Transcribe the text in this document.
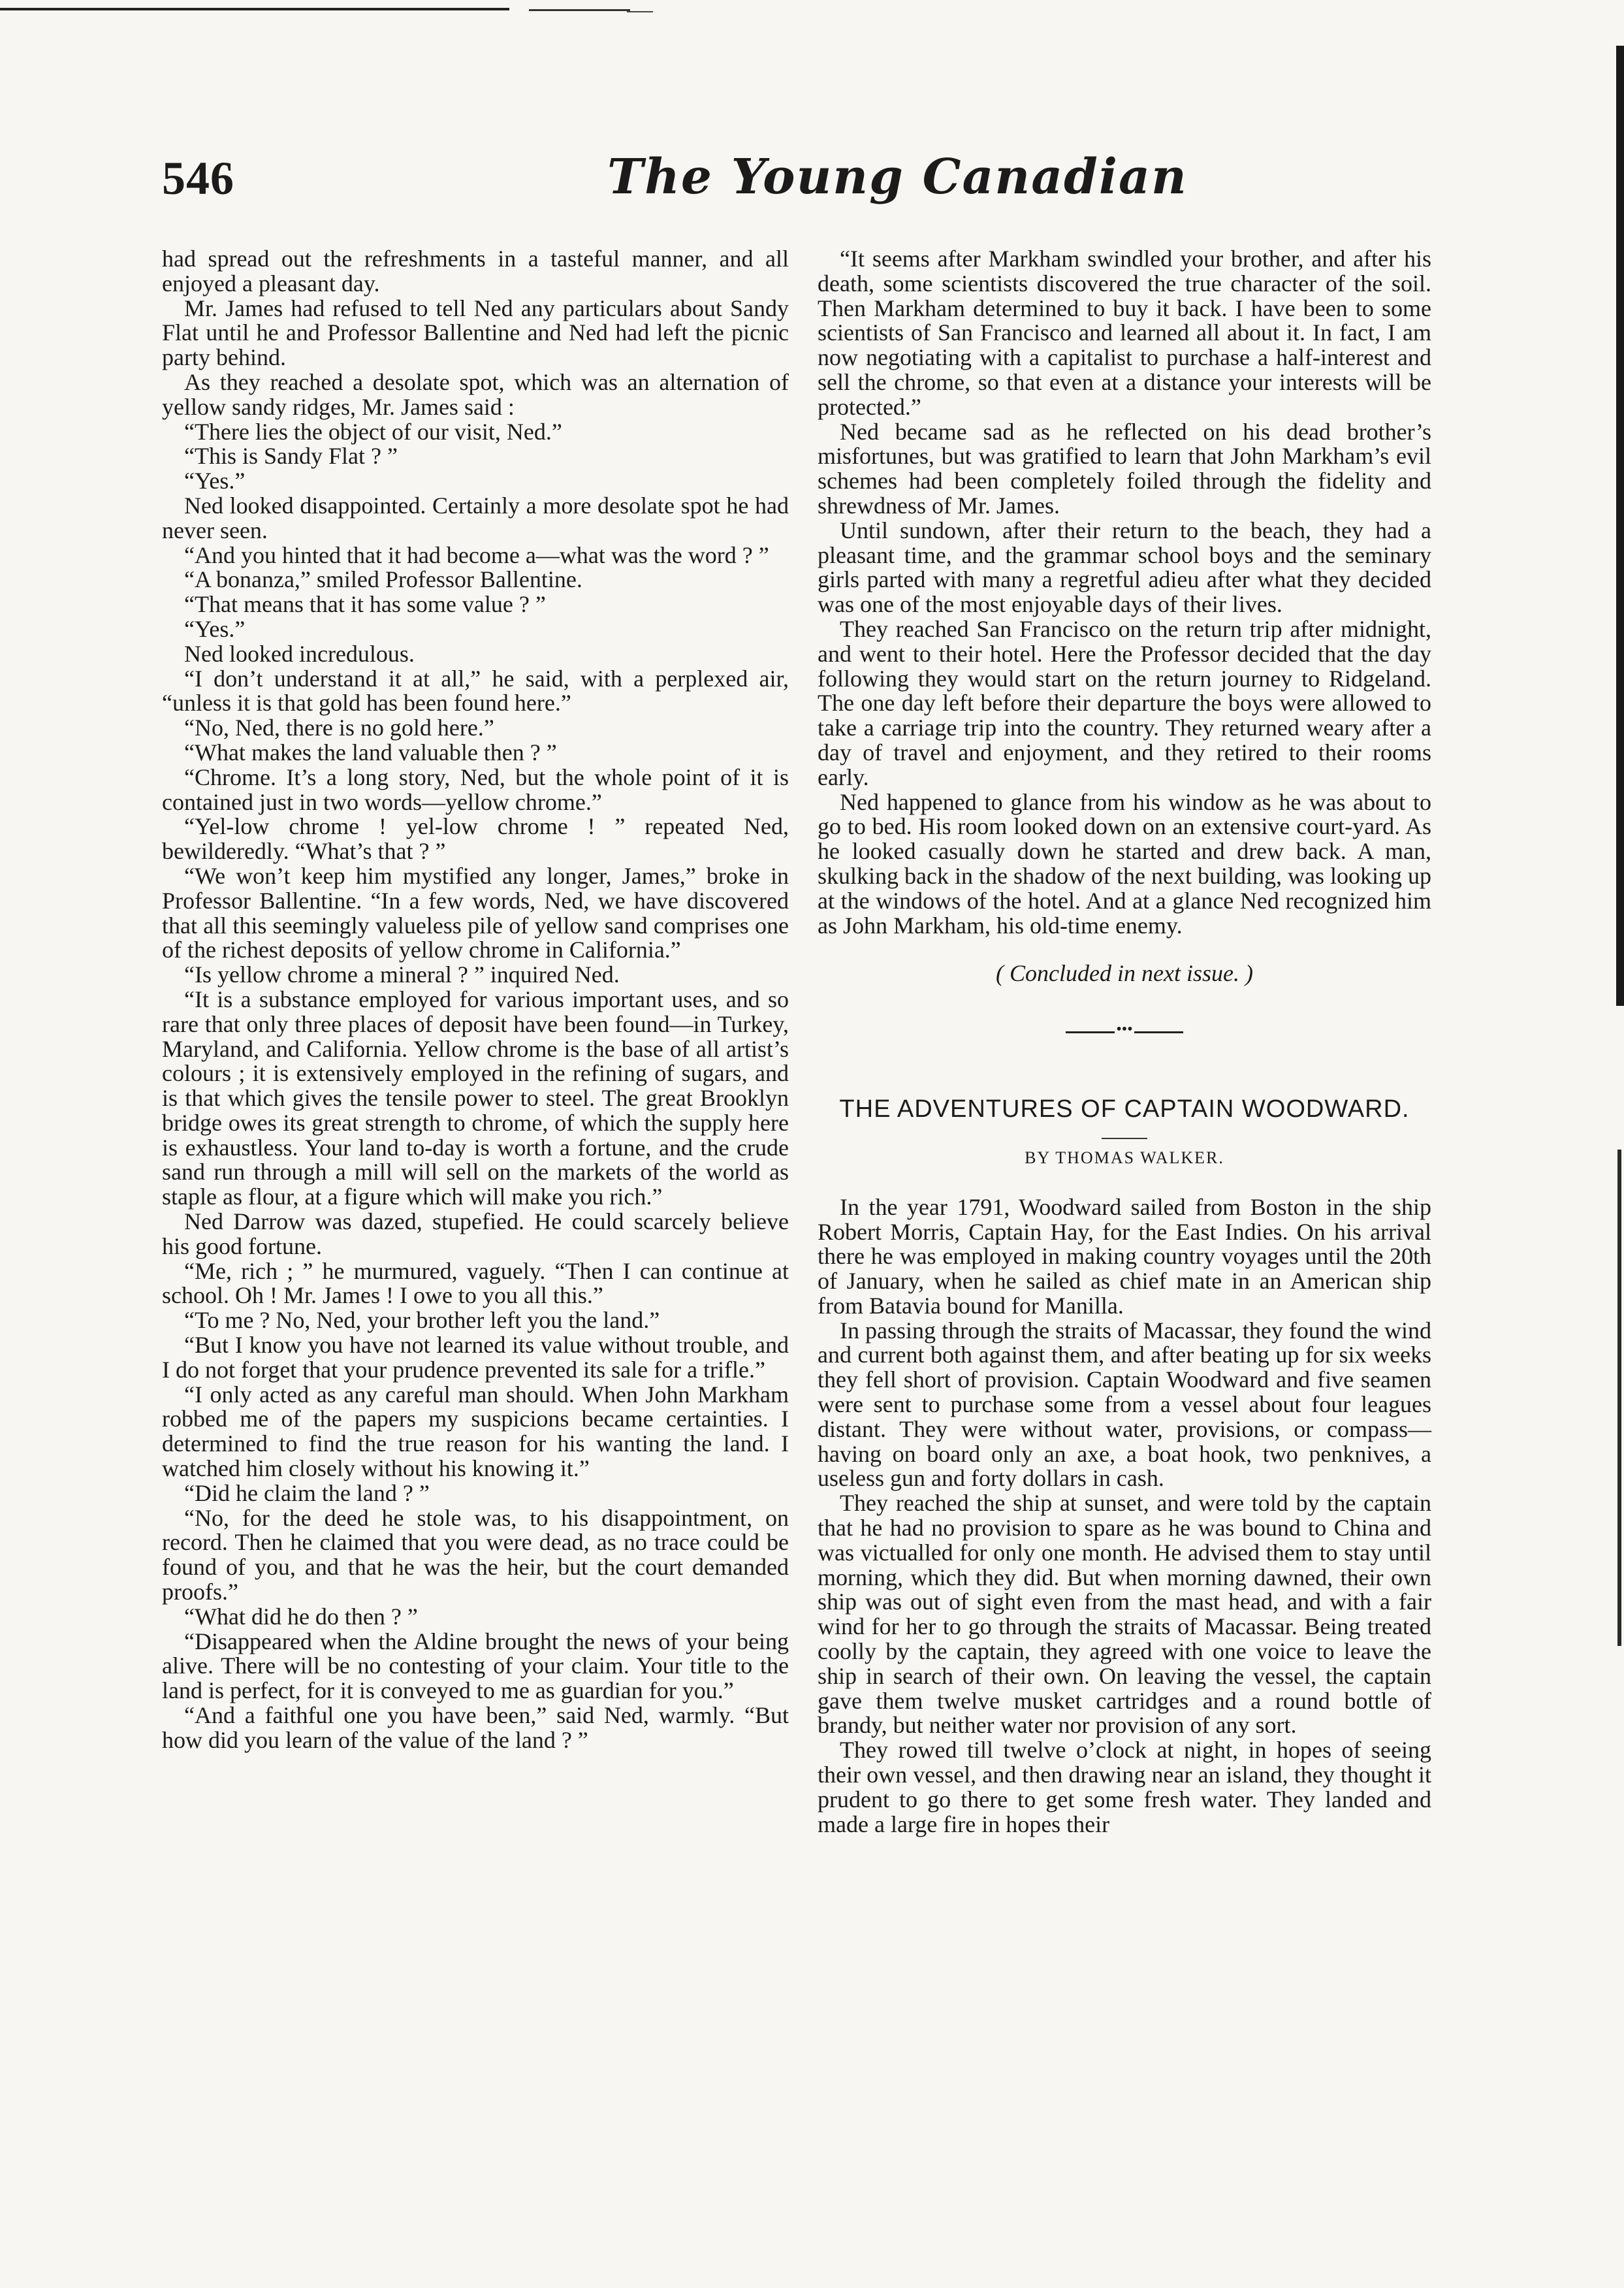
546	The Young Canadian

had spread out the refreshments in a tasteful manner, and all enjoyed a pleasant day.

Mr. James had refused to tell Ned any particulars about Sandy Flat until he and Professor Ballentine and Ned had left the picnic party behind.

As they reached a desolate spot, which was an alternation of yellow sandy ridges, Mr. James said :

“There lies the object of our visit, Ned.”

“This is Sandy Flat ? ”

“Yes.”

Ned looked disappointed. Certainly a more desolate spot he had never seen.

“And you hinted that it had become a—what was the word ? ”

“A bonanza,” smiled Professor Ballentine.

“That means that it has some value ? ”

“Yes.”

Ned looked incredulous.

“I don’t understand it at all,” he said, with a perplexed air, “unless it is that gold has been found here.”

“No, Ned, there is no gold here.”

“What makes the land valuable then ? ”

“Chrome. It’s a long story, Ned, but the whole point of it is contained just in two words—yellow chrome.”

“Yel-low chrome ! yel-low chrome ! ” repeated Ned, bewilderedly. “What’s that ? ”

“We won’t keep him mystified any longer, James,” broke in Professor Ballentine. “In a few words, Ned, we have discovered that all this seemingly valueless pile of yellow sand comprises one of the richest deposits of yellow chrome in California.”

“Is yellow chrome a mineral ? ” inquired Ned.

“It is a substance employed for various important uses, and so rare that only three places of deposit have been found—in Turkey, Maryland, and California. Yellow chrome is the base of all artist’s colours ; it is extensively employed in the refining of sugars, and is that which gives the tensile power to steel. The great Brooklyn bridge owes its great strength to chrome, of which the supply here is exhaustless. Your land to-day is worth a fortune, and the crude sand run through a mill will sell on the markets of the world as staple as flour, at a figure which will make you rich.”

Ned Darrow was dazed, stupefied. He could scarcely believe his good fortune.

“Me, rich ; ” he murmured, vaguely. “Then I can continue at school. Oh ! Mr. James ! I owe to you all this.”

“To me ? No, Ned, your brother left you the land.”

“But I know you have not learned its value without trouble, and I do not forget that your prudence prevented its sale for a trifle.”

“I only acted as any careful man should. When John Markham robbed me of the papers my suspicions became certainties. I determined to find the true reason for his wanting the land. I watched him closely without his knowing it.”

“Did he claim the land ? ”

“No, for the deed he stole was, to his disappointment, on record. Then he claimed that you were dead, as no trace could be found of you, and that he was the heir, but the court demanded proofs.”

“What did he do then ? ”

“Disappeared when the Aldine brought the news of your being alive. There will be no contesting of your claim. Your title to the land is perfect, for it is conveyed to me as guardian for you.”

“And a faithful one you have been,” said Ned, warmly. “But how did you learn of the value of the land ? ”

“It seems after Markham swindled your brother, and after his death, some scientists discovered the true character of the soil. Then Markham determined to buy it back. I have been to some scientists of San Francisco and learned all about it. In fact, I am now negotiating with a capitalist to purchase a half-interest and sell the chrome, so that even at a distance your interests will be protected.”

Ned became sad as he reflected on his dead brother’s misfortunes, but was gratified to learn that John Markham’s evil schemes had been completely foiled through the fidelity and shrewdness of Mr. James.

Until sundown, after their return to the beach, they had a pleasant time, and the grammar school boys and the seminary girls parted with many a regretful adieu after what they decided was one of the most enjoyable days of their lives.

They reached San Francisco on the return trip after midnight, and went to their hotel. Here the Professor decided that the day following they would start on the return journey to Ridgeland. The one day left before their departure the boys were allowed to take a carriage trip into the country. They returned weary after a day of travel and enjoyment, and they retired to their rooms early.

Ned happened to glance from his window as he was about to go to bed. His room looked down on an extensive court-yard. As he looked casually down he started and drew back. A man, skulking back in the shadow of the next building, was looking up at the windows of the hotel. And at a glance Ned recognized him as John Markham, his old-time enemy.

( Concluded in next issue. )

•••
THE ADVENTURES OF CAPTAIN WOODWARD.
BY THOMAS WALKER.

In the year 1791, Woodward sailed from Boston in the ship Robert Morris, Captain Hay, for the East Indies. On his arrival there he was employed in making country voyages until the 20th of January, when he sailed as chief mate in an American ship from Batavia bound for Manilla.

In passing through the straits of Macassar, they found the wind and current both against them, and after beating up for six weeks they fell short of provision. Captain Woodward and five seamen were sent to purchase some from a vessel about four leagues distant. They were without water, provisions, or compass—having on board only an axe, a boat hook, two penknives, a useless gun and forty dollars in cash.

They reached the ship at sunset, and were told by the captain that he had no provision to spare as he was bound to China and was victualled for only one month. He advised them to stay until morning, which they did. But when morning dawned, their own ship was out of sight even from the mast head, and with a fair wind for her to go through the straits of Macassar. Being treated coolly by the captain, they agreed with one voice to leave the ship in search of their own. On leaving the vessel, the captain gave them twelve musket cartridges and a round bottle of brandy, but neither water nor provision of any sort.

They rowed till twelve o’clock at night, in hopes of seeing their own vessel, and then drawing near an island, they thought it prudent to go there to get some fresh water. They landed and made a large fire in hopes their
